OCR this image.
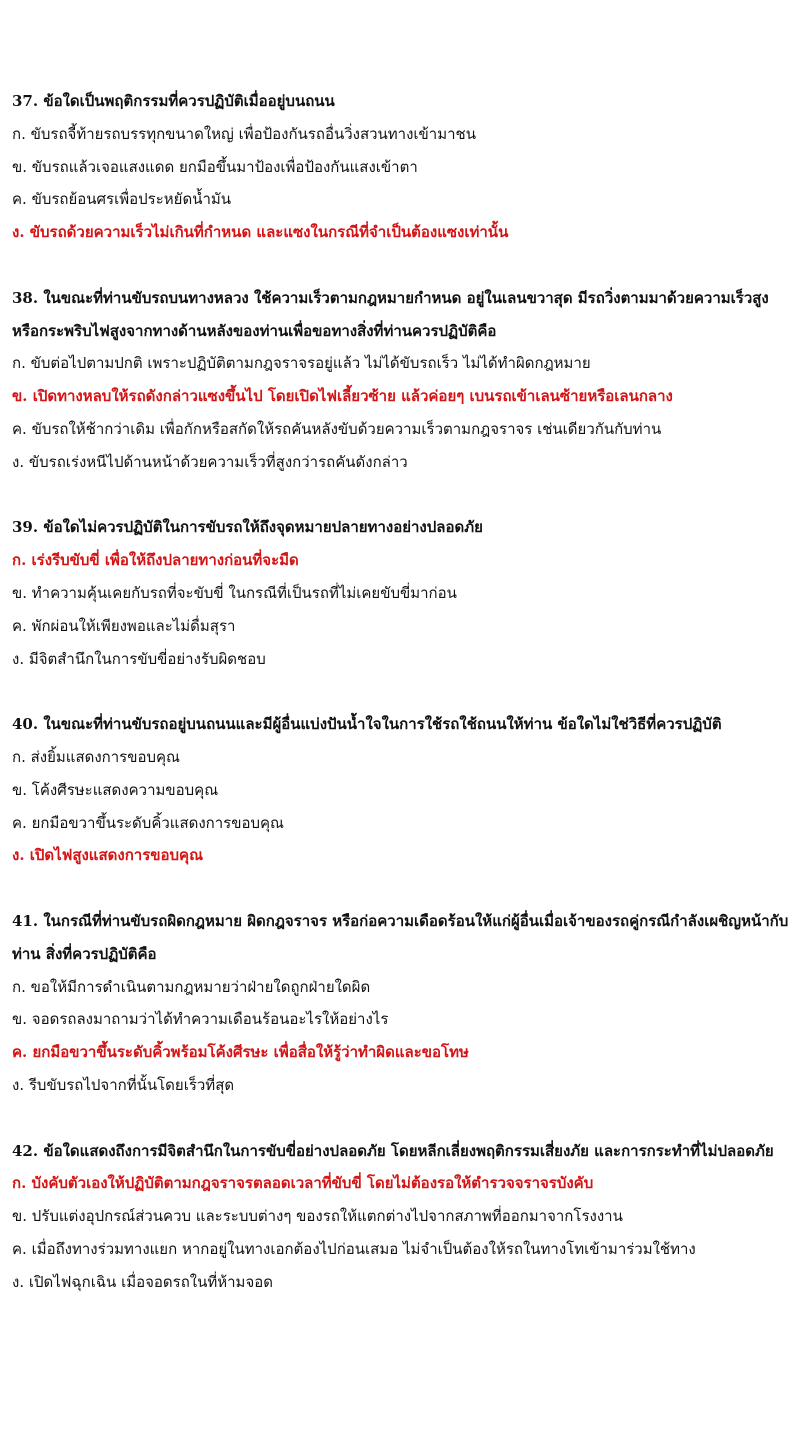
37. ข้อใดเป็นพฤติกรรมที่ควรปฏิบัติเมื่ออยู่บนถนน
ก. ขับรถจี้ท้ายรถบรรทุกขนาดใหญ่ เพื่อป้องกันรถอื่นวิ่งสวนทางเข้ามาชน
ข. ขับรถแล้วเจอแสงแดด ยกมือขึ้นมาป้องเพื่อป้องกันแสงเข้าตา
ค. ขับรถย้อนศรเพื่อประหยัดน้ำมัน
ง. ขับรถด้วยความเร็วไม่เกินที่กำหนด และแซงในกรณีที่จำเป็นต้องแซงเท่านั้น
38. ในขณะที่ท่านขับรถบนทางหลวง ใช้ความเร็วตามกฎหมายกำหนด อยู่ในเลนขวาสุด มีรถวิ่งตามมาด้วยความเร็วสูง หรือกระพริบไฟสูงจากทางด้านหลังของท่านเพื่อขอทางสิ่งที่ท่านควรปฏิบัติคือ
ก. ขับต่อไปตามปกติ เพราะปฏิบัติตามกฎจราจรอยู่แล้ว ไม่ได้ขับรถเร็ว ไม่ได้ทำผิดกฎหมาย
ข. เปิดทางหลบให้รถดังกล่าวแซงขึ้นไป โดยเปิดไฟเลี้ยวซ้าย แล้วค่อยๆ เบนรถเข้าเลนซ้ายหรือเลนกลาง
ค. ขับรถให้ช้ากว่าเดิม เพื่อกักหรือสกัดให้รถคันหลังขับด้วยความเร็วตามกฎจราจร เช่นเดียวกันกับท่าน
ง. ขับรถเร่งหนีไปด้านหน้าด้วยความเร็วที่สูงกว่ารถคันดังกล่าว
39. ข้อใดไม่ควรปฏิบัติในการขับรถให้ถึงจุดหมายปลายทางอย่างปลอดภัย
ก. เร่งรีบขับขี่ เพื่อให้ถึงปลายทางก่อนที่จะมืด
ข. ทำความคุ้นเคยกับรถที่จะขับขี่ ในกรณีที่เป็นรถที่ไม่เคยขับขี่มาก่อน
ค. พักผ่อนให้เพียงพอและไม่ดื่มสุรา
ง. มีจิตสำนึกในการขับขี่อย่างรับผิดชอบ
40. ในขณะที่ท่านขับรถอยู่บนถนนและมีผู้อื่นแบ่งปันน้ำใจในการใช้รถใช้ถนนให้ท่าน ข้อใดไม่ใช่วิธีที่ควรปฏิบัติ
ก. ส่งยิ้มแสดงการขอบคุณ
ข. โค้งศีรษะแสดงความขอบคุณ
ค. ยกมือขวาขึ้นระดับคิ้วแสดงการขอบคุณ
ง. เปิดไฟสูงแสดงการขอบคุณ
41. ในกรณีที่ท่านขับรถผิดกฎหมาย ผิดกฎจราจร หรือก่อความเดือดร้อนให้แก่ผู้อื่นเมื่อเจ้าของรถคู่กรณีกำลังเผชิญหน้ากับท่าน สิ่งที่ควรปฏิบัติคือ
ก. ขอให้มีการดำเนินตามกฎหมายว่าฝ่ายใดถูกฝ่ายใดผิด
ข. จอดรถลงมาถามว่าได้ทำความเดือนร้อนอะไรให้อย่างไร
ค. ยกมือขวาขึ้นระดับคิ้วพร้อมโค้งศีรษะ เพื่อสื่อให้รู้ว่าทำผิดและขอโทษ
ง. รีบขับรถไปจากที่นั้นโดยเร็วที่สุด
42. ข้อใดแสดงถึงการมีจิตสำนึกในการขับขี่อย่างปลอดภัย โดยหลีกเลี่ยงพฤติกรรมเสี่ยงภัย และการกระทำที่ไม่ปลอดภัย
ก. บังคับตัวเองให้ปฏิบัติตามกฎจราจรตลอดเวลาที่ขับขี่ โดยไม่ต้องรอให้ตำรวจจราจรบังคับ
ข. ปรับแต่งอุปกรณ์ส่วนควบ และระบบต่างๆ ของรถให้แตกต่างไปจากสภาพที่ออกมาจากโรงงาน
ค. เมื่อถึงทางร่วมทางแยก หากอยู่ในทางเอกต้องไปก่อนเสมอ ไม่จำเป็นต้องให้รถในทางโทเข้ามาร่วมใช้ทาง
ง. เปิดไฟฉุกเฉิน เมื่อจอดรถในที่ห้ามจอด
